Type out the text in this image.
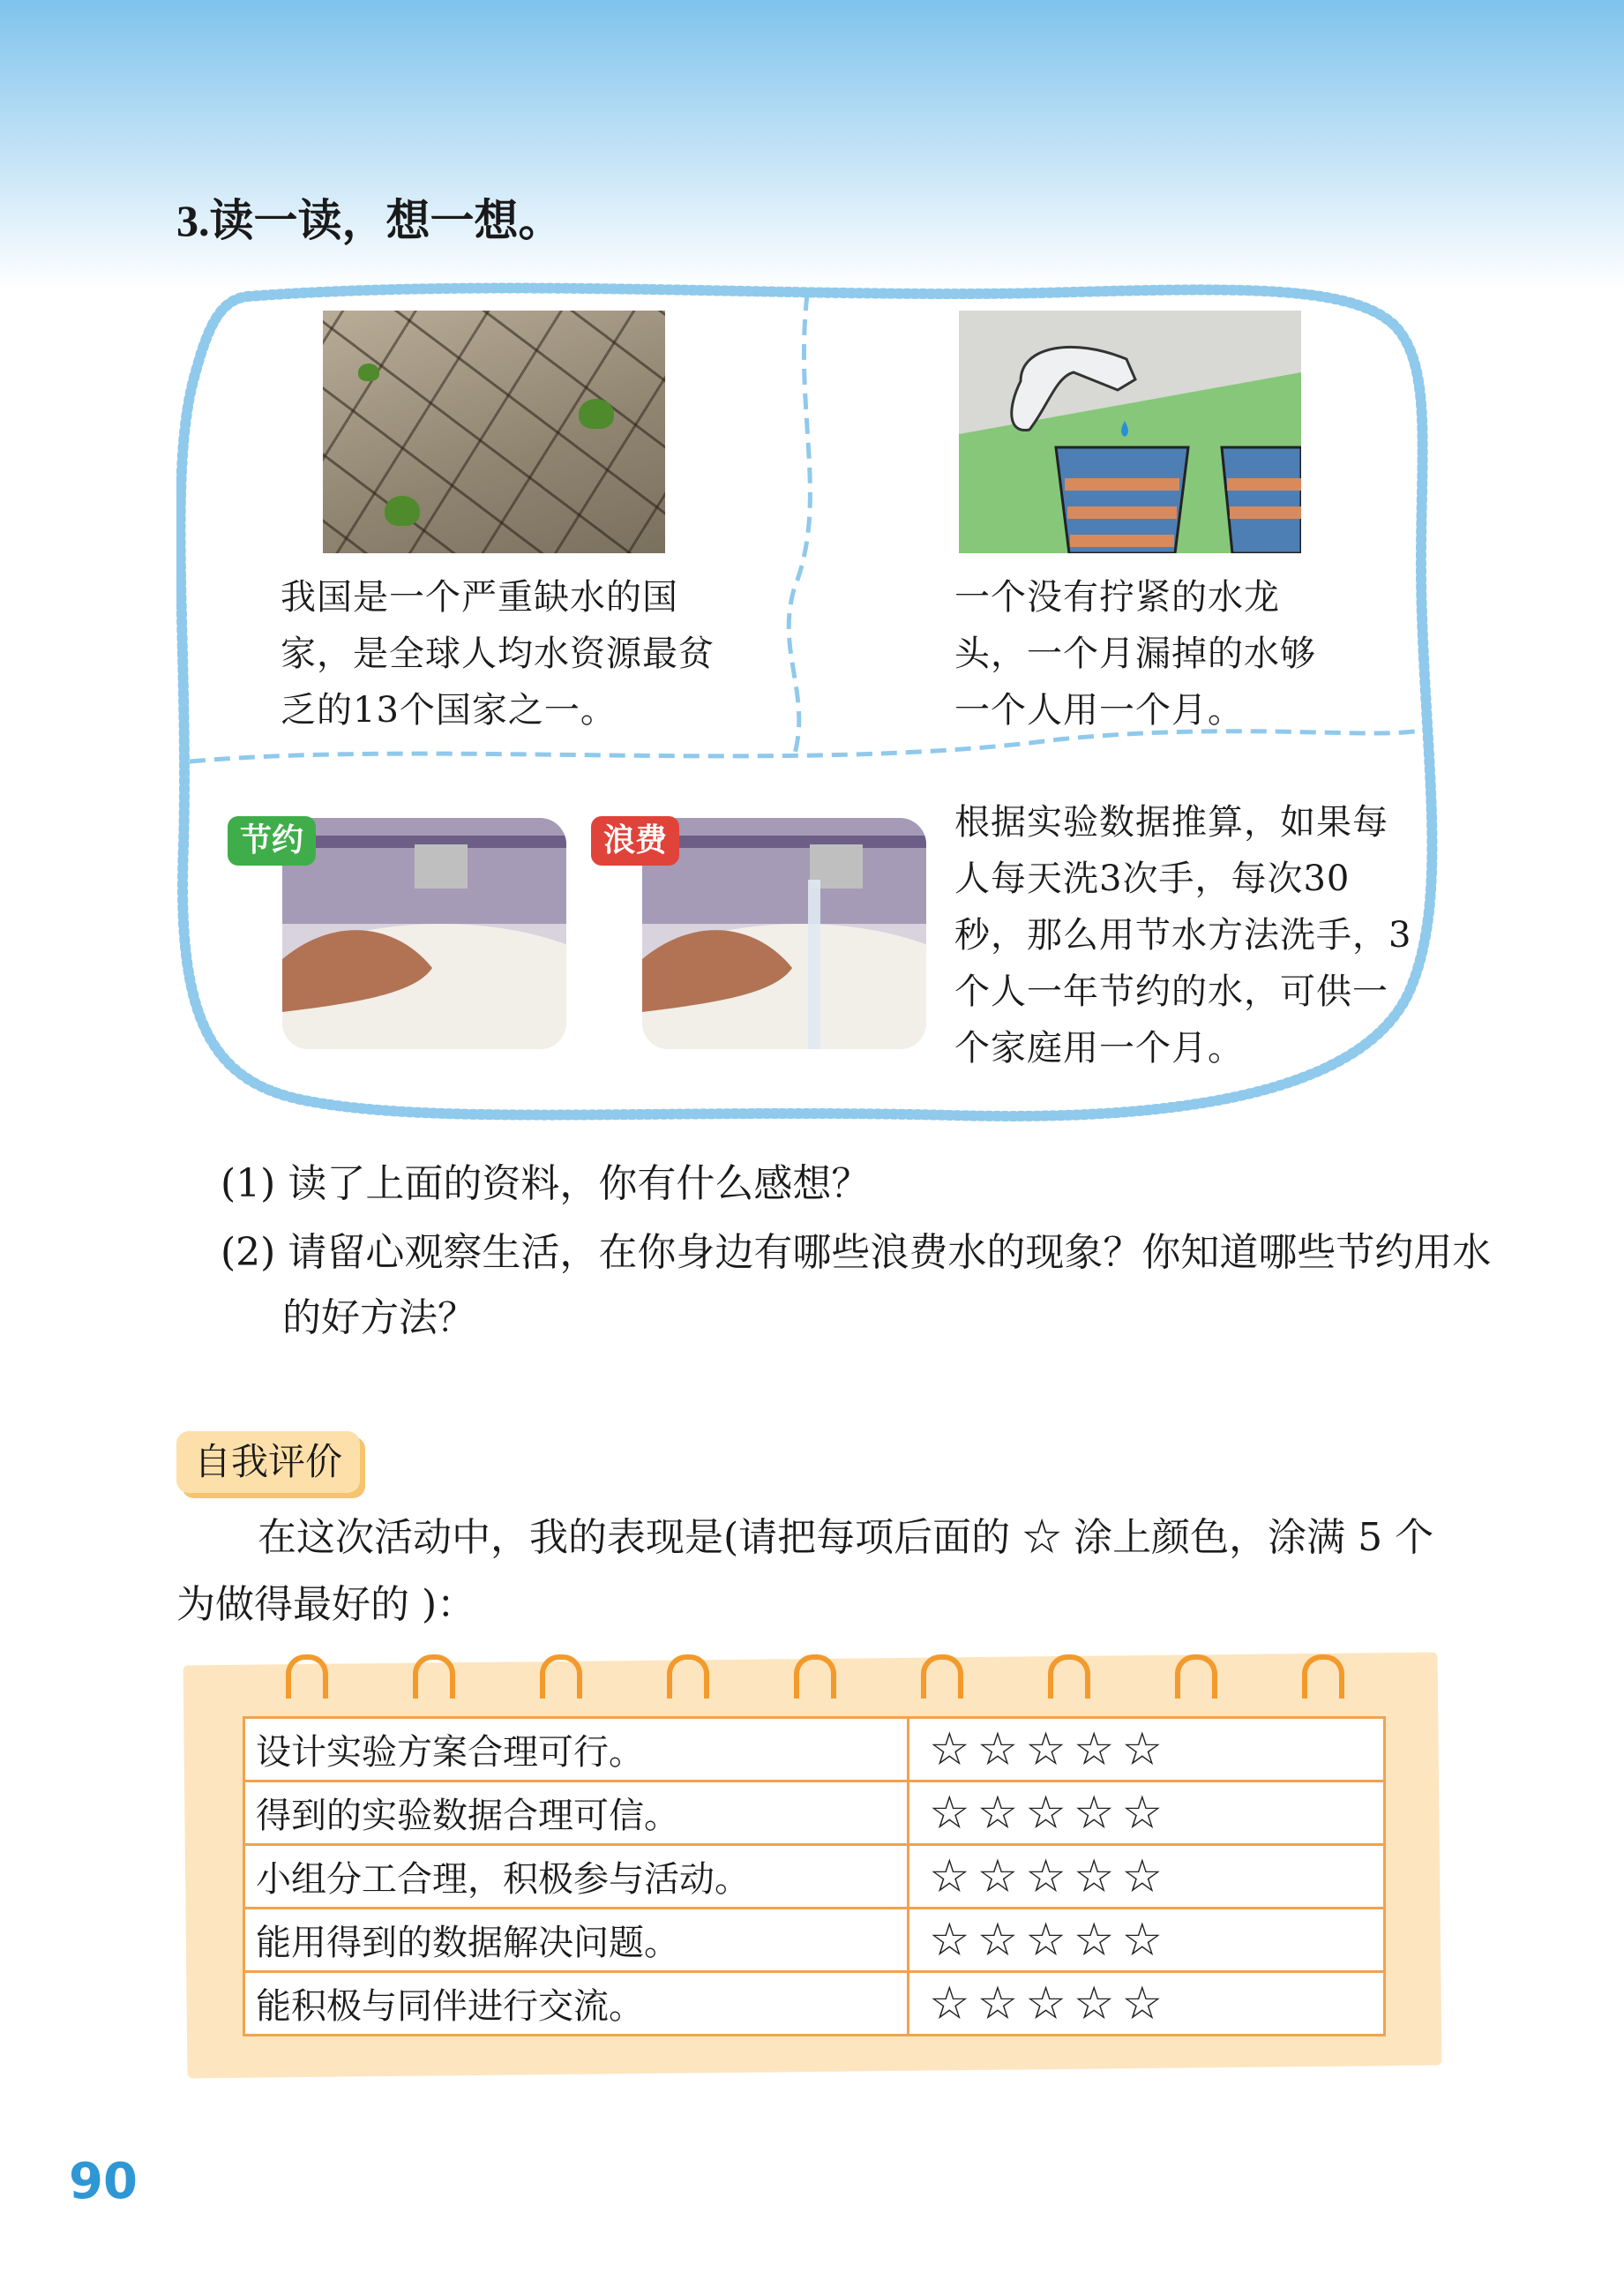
3.读一读，想一想。
我国是一个严重缺水的国家，是全球人均水资源最贫乏的13个国家之一。
一个没有拧紧的水龙头，一个月漏掉的水够一个人用一个月。
节约	浪费	根据实验数据推算，如果每人每天洗3次手，每次30秒，那么用节水方法洗手，3个人一年节约的水，可供一个家庭用一个月。
(1) 读了上面的资料，你有什么感想？
(2) 请留心观察生活，在你身边有哪些浪费水的现象？你知道哪些节约用水的好方法？
自我评价
在这次活动中，我的表现是(请把每项后面的 ☆ 涂上颜色，涂满 5 个为做得最好的 )：
设计实验方案合理可行。	☆☆☆☆☆
得到的实验数据合理可信。	☆☆☆☆☆
小组分工合理，积极参与活动。	☆☆☆☆☆
能用得到的数据解决问题。	☆☆☆☆☆
能积极与同伴进行交流。	☆☆☆☆☆
90
